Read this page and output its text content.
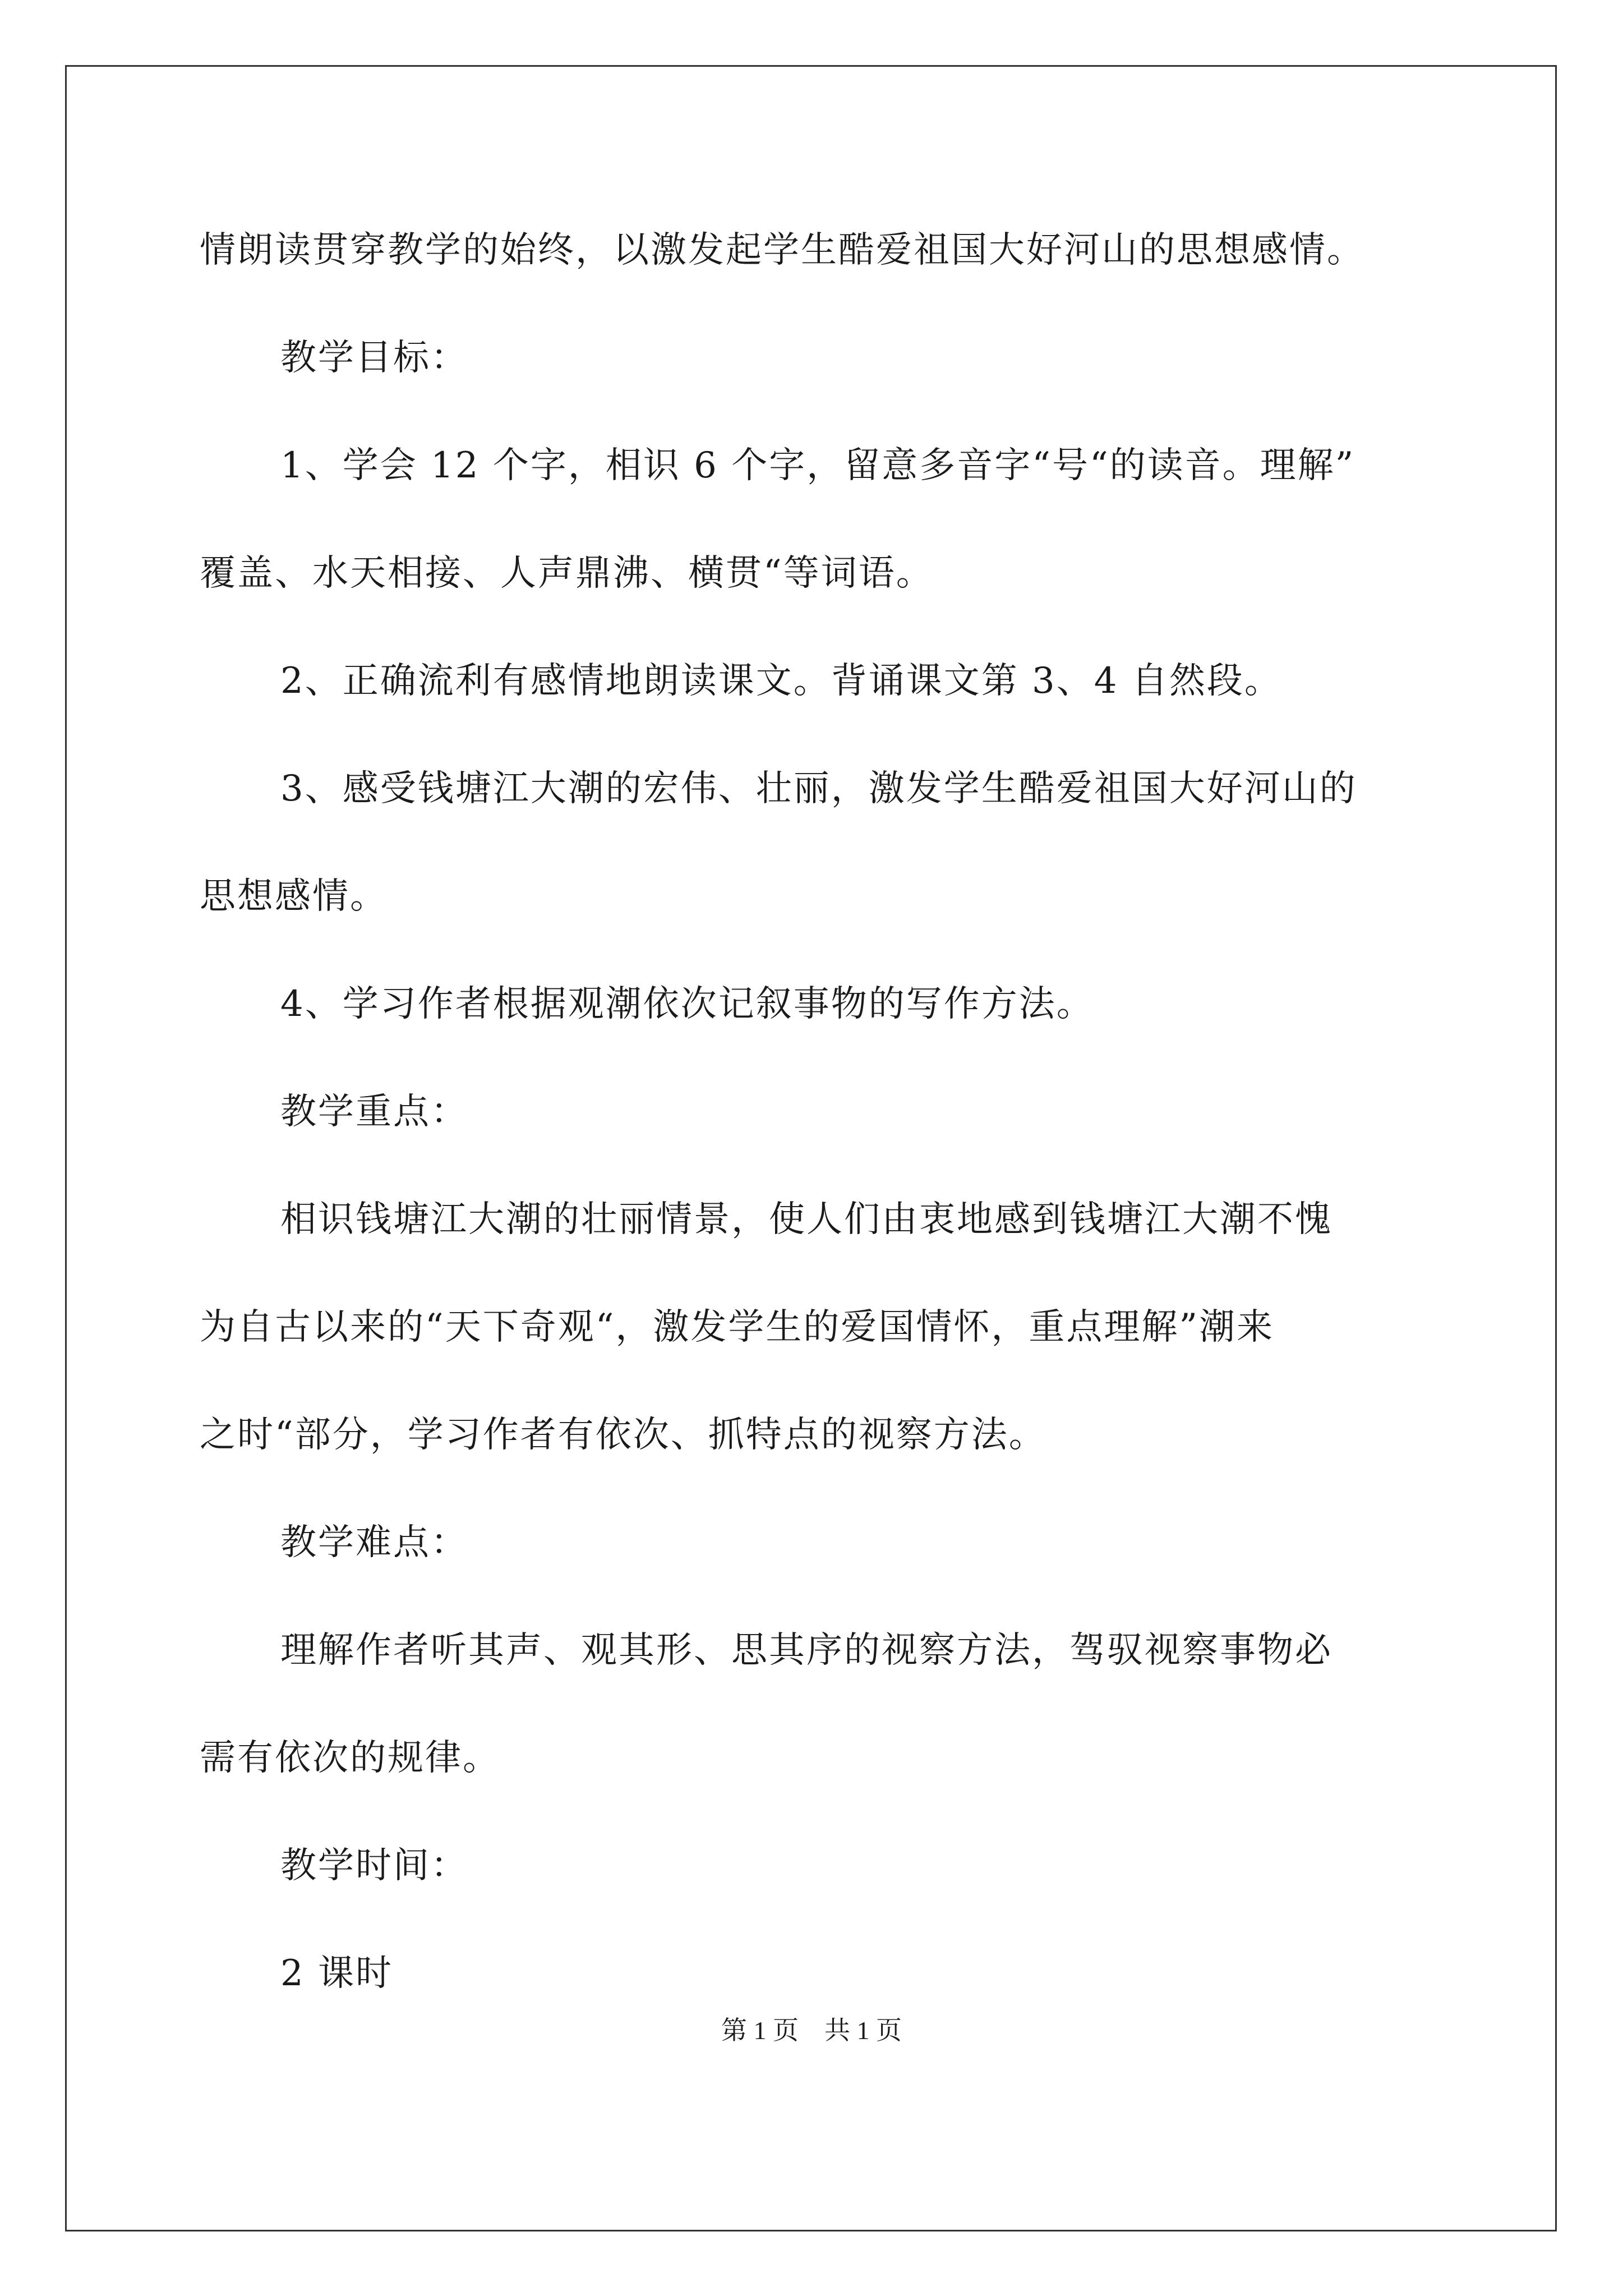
情朗读贯穿教学的始终，以激发起学生酷爱祖国大好河山的思想感情。
教学目标：
1、学会 12 个字，相识 6 个字，留意多音字“号“的读音。理解”
覆盖、水天相接、人声鼎沸、横贯“等词语。
2、正确流利有感情地朗读课文。背诵课文第 3、4 自然段。
3、感受钱塘江大潮的宏伟、壮丽，激发学生酷爱祖国大好河山的
思想感情。
4、学习作者根据观潮依次记叙事物的写作方法。
教学重点：
相识钱塘江大潮的壮丽情景，使人们由衷地感到钱塘江大潮不愧
为自古以来的“天下奇观“，激发学生的爱国情怀，重点理解”潮来
之时“部分，学习作者有依次、抓特点的视察方法。
教学难点：
理解作者听其声、观其形、思其序的视察方法，驾驭视察事物必
需有依次的规律。
教学时间：
2 课时
第 1 页    共 1 页
